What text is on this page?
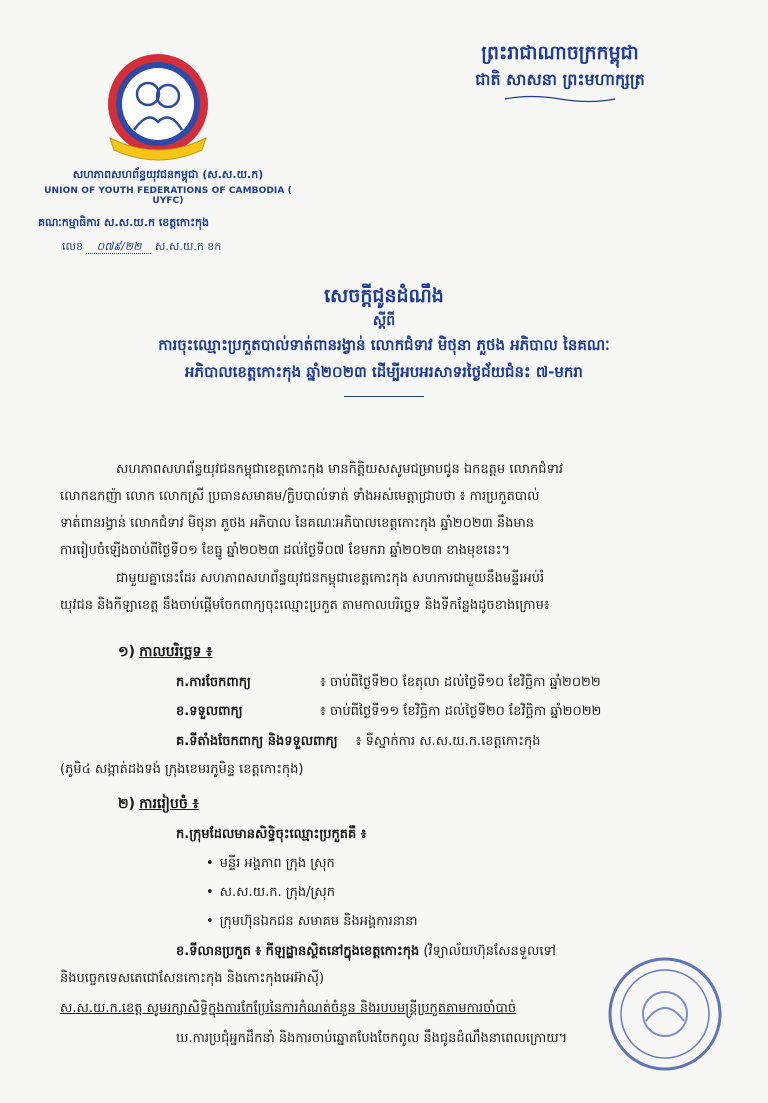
ព្រះរាជាណាចក្រកម្ពុជា
ជាតិ សាសនា ព្រះមហាក្សត្រ
សហភាពសហព័ន្ធយុវជនកម្ពុជា (ស.ស.យ.ក)
UNION OF YOUTH FEDERATIONS OF CAMBODIA ( UYFC)
គណៈកម្មាធិការ ស.ស.យ.ក ខេត្តកោះកុង
លេខ ០៧៩/២២ ស.ស.យ.ក ខក
សេចក្តីជូនដំណឹង
ស្តីពី
ការចុះឈ្មោះប្រកួតបាល់ទាត់ពានរង្វាន់ លោកជំទាវ មិថុនា ភួថង អភិបាល នៃគណៈ
អភិបាលខេត្តកោះកុង ឆ្នាំ២០២៣ ដើម្បីអបអរសាទរថ្ងៃជ័យជំនះ ៧-មករា
សហភាពសហព័ន្ធយុវជនកម្ពុជាខេត្តកោះកុង មានកិត្តិយសសូមជម្រាបជូន ឯកឧត្តម លោកជំទាវ
លោកឧកញ៉ា លោក លោកស្រី ប្រធានសមាគម/ក្លិបបាល់ទាត់ ទាំងអស់មេត្តាជ្រាបថា ៖ ការប្រកួតបាល់
ទាត់ពានរង្វាន់ លោកជំទាវ មិថុនា ភួថង អភិបាល នៃគណៈអភិបាលខេត្តកោះកុង ឆ្នាំ២០២៣ នឹងមាន
ការរៀបចំឡើងចាប់ពីថ្ងៃទី០១ ខែធ្នូ ឆ្នាំ២០២៣ ដល់ថ្ងៃទី០៧ ខែមករា ឆ្នាំ២០២៣ ខាងមុខនេះ។
ជាមួយគ្នានេះដែរ សហភាពសហព័ន្ធយុវជនកម្ពុជាខេត្តកោះកុង សហការជាមួយនឹងមន្ទីរអប់រំ
យុវជន និងកីឡាខេត្ត នឹងចាប់ផ្តើមចែកពាក្យចុះឈ្មោះប្រកួត តាមកាលបរិច្ឆេទ និងទីកន្លែងដូចខាងក្រោម៖
១) កាលបរិច្ឆេទ ៖
ក.ការចែកពាក្យ	៖ ចាប់ពីថ្ងៃទី២០ ខែតុលា ដល់ថ្ងៃទី១០ ខែវិច្ឆិកា ឆ្នាំ២០២២
ខ.ទទួលពាក្យ	៖ ចាប់ពីថ្ងៃទី១១ ខែវិច្ឆិកា ដល់ថ្ងៃទី២០ ខែវិច្ឆិកា ឆ្នាំ២០២២
គ.ទីតាំងចែកពាក្យ និងទទួលពាក្យ ៖ ទីស្នាក់ការ ស.ស.យ.ក.ខេត្តកោះកុង
(ភូមិ៤ សង្កាត់ដងទង់ ក្រុងខេមរភូមិន្ទ ខេត្តកោះកុង)
២) ការរៀបចំ ៖
ក.ក្រុមដែលមានសិទ្ធិចុះឈ្មោះប្រកួតគឺ ៖
• មន្ទីរ អង្គភាព ក្រុង ស្រុក
• ស.ស.យ.ក. ក្រុង/ស្រុក
• ក្រុមហ៊ុនឯកជន សមាគម និងអង្គការនានា
ខ.ទីលានប្រកួត ៖ កីឡដ្ឋានស្ថិតនៅក្នុងខេត្តកោះកុង (វិទ្យាល័យហ៊ុនសែនទួលទៅ
និងបច្ចេកទេសតេជោសែនកោះកុង និងកោះកុងអេអ៊ាស៊ី)
ស.ស.យ.ក.ខេត្ត សូមរក្សាសិទ្ធិក្នុងការកែប្រែនៃការកំណត់ចំនួន និងរបបមន្ត្រីប្រកួតតាមការចាំបាច់
ឃ.ការប្រជុំអ្នកដឹកនាំ និងការចាប់ឆ្នោតបែងចែកពូល នឹងជូនដំណឹងនាពេលក្រោយ។
